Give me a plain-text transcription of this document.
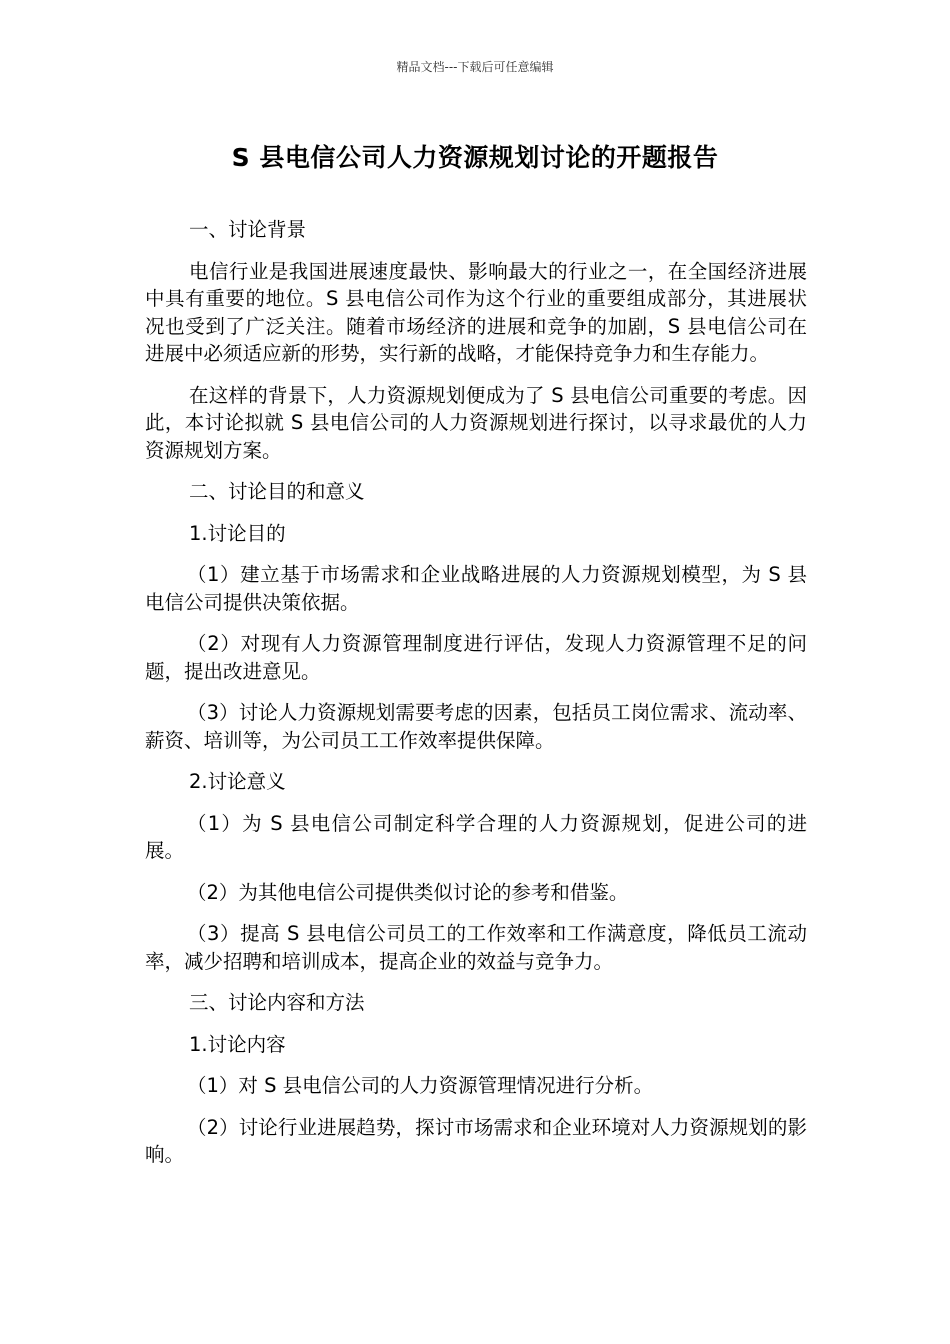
精品文档---下载后可任意编辑
S 县电信公司人力资源规划讨论的开题报告

一、讨论背景

电信行业是我国进展速度最快、影响最大的行业之一，在全国经济进展中具有重要的地位。S 县电信公司作为这个行业的重要组成部分，其进展状况也受到了广泛关注。随着市场经济的进展和竞争的加剧，S 县电信公司在进展中必须适应新的形势，实行新的战略，才能保持竞争力和生存能力。

在这样的背景下，人力资源规划便成为了 S 县电信公司重要的考虑。因此，本讨论拟就 S 县电信公司的人力资源规划进行探讨，以寻求最优的人力资源规划方案。

二、讨论目的和意义

1.讨论目的

（1）建立基于市场需求和企业战略进展的人力资源规划模型，为 S 县电信公司提供决策依据。

（2）对现有人力资源管理制度进行评估，发现人力资源管理不足的问题，提出改进意见。

（3）讨论人力资源规划需要考虑的因素，包括员工岗位需求、流动率、薪资、培训等，为公司员工工作效率提供保障。

2.讨论意义

（1）为 S 县电信公司制定科学合理的人力资源规划，促进公司的进展。

（2）为其他电信公司提供类似讨论的参考和借鉴。

（3）提高 S 县电信公司员工的工作效率和工作满意度，降低员工流动率，减少招聘和培训成本，提高企业的效益与竞争力。

三、讨论内容和方法

1.讨论内容

（1）对 S 县电信公司的人力资源管理情况进行分析。

（2）讨论行业进展趋势，探讨市场需求和企业环境对人力资源规划的影响。
